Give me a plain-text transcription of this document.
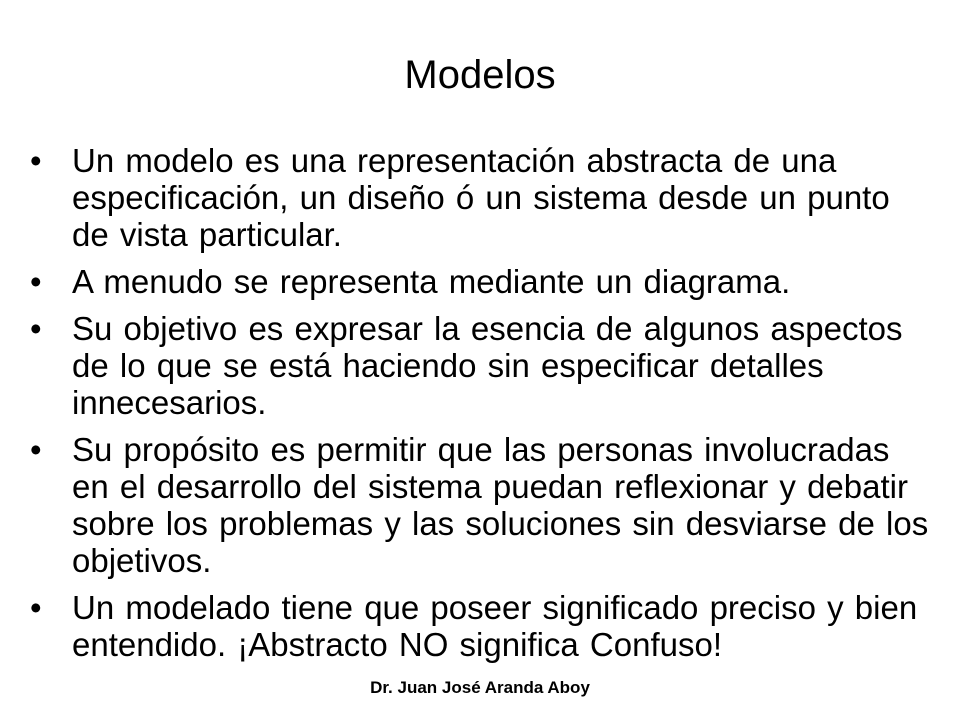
Modelos
• Un modelo es una representación abstracta de una especificación, un diseño ó un sistema desde un punto de vista particular.
• A menudo se representa mediante un diagrama.
• Su objetivo es expresar la esencia de algunos aspectos de lo que se está haciendo sin especificar detalles innecesarios.
• Su propósito es permitir que las personas involucradas en el desarrollo del sistema puedan reflexionar y debatir sobre los problemas y las soluciones sin desviarse de los objetivos.
• Un modelado tiene que poseer significado preciso y bien entendido. ¡Abstracto NO significa Confuso!
Dr. Juan José Aranda Aboy
